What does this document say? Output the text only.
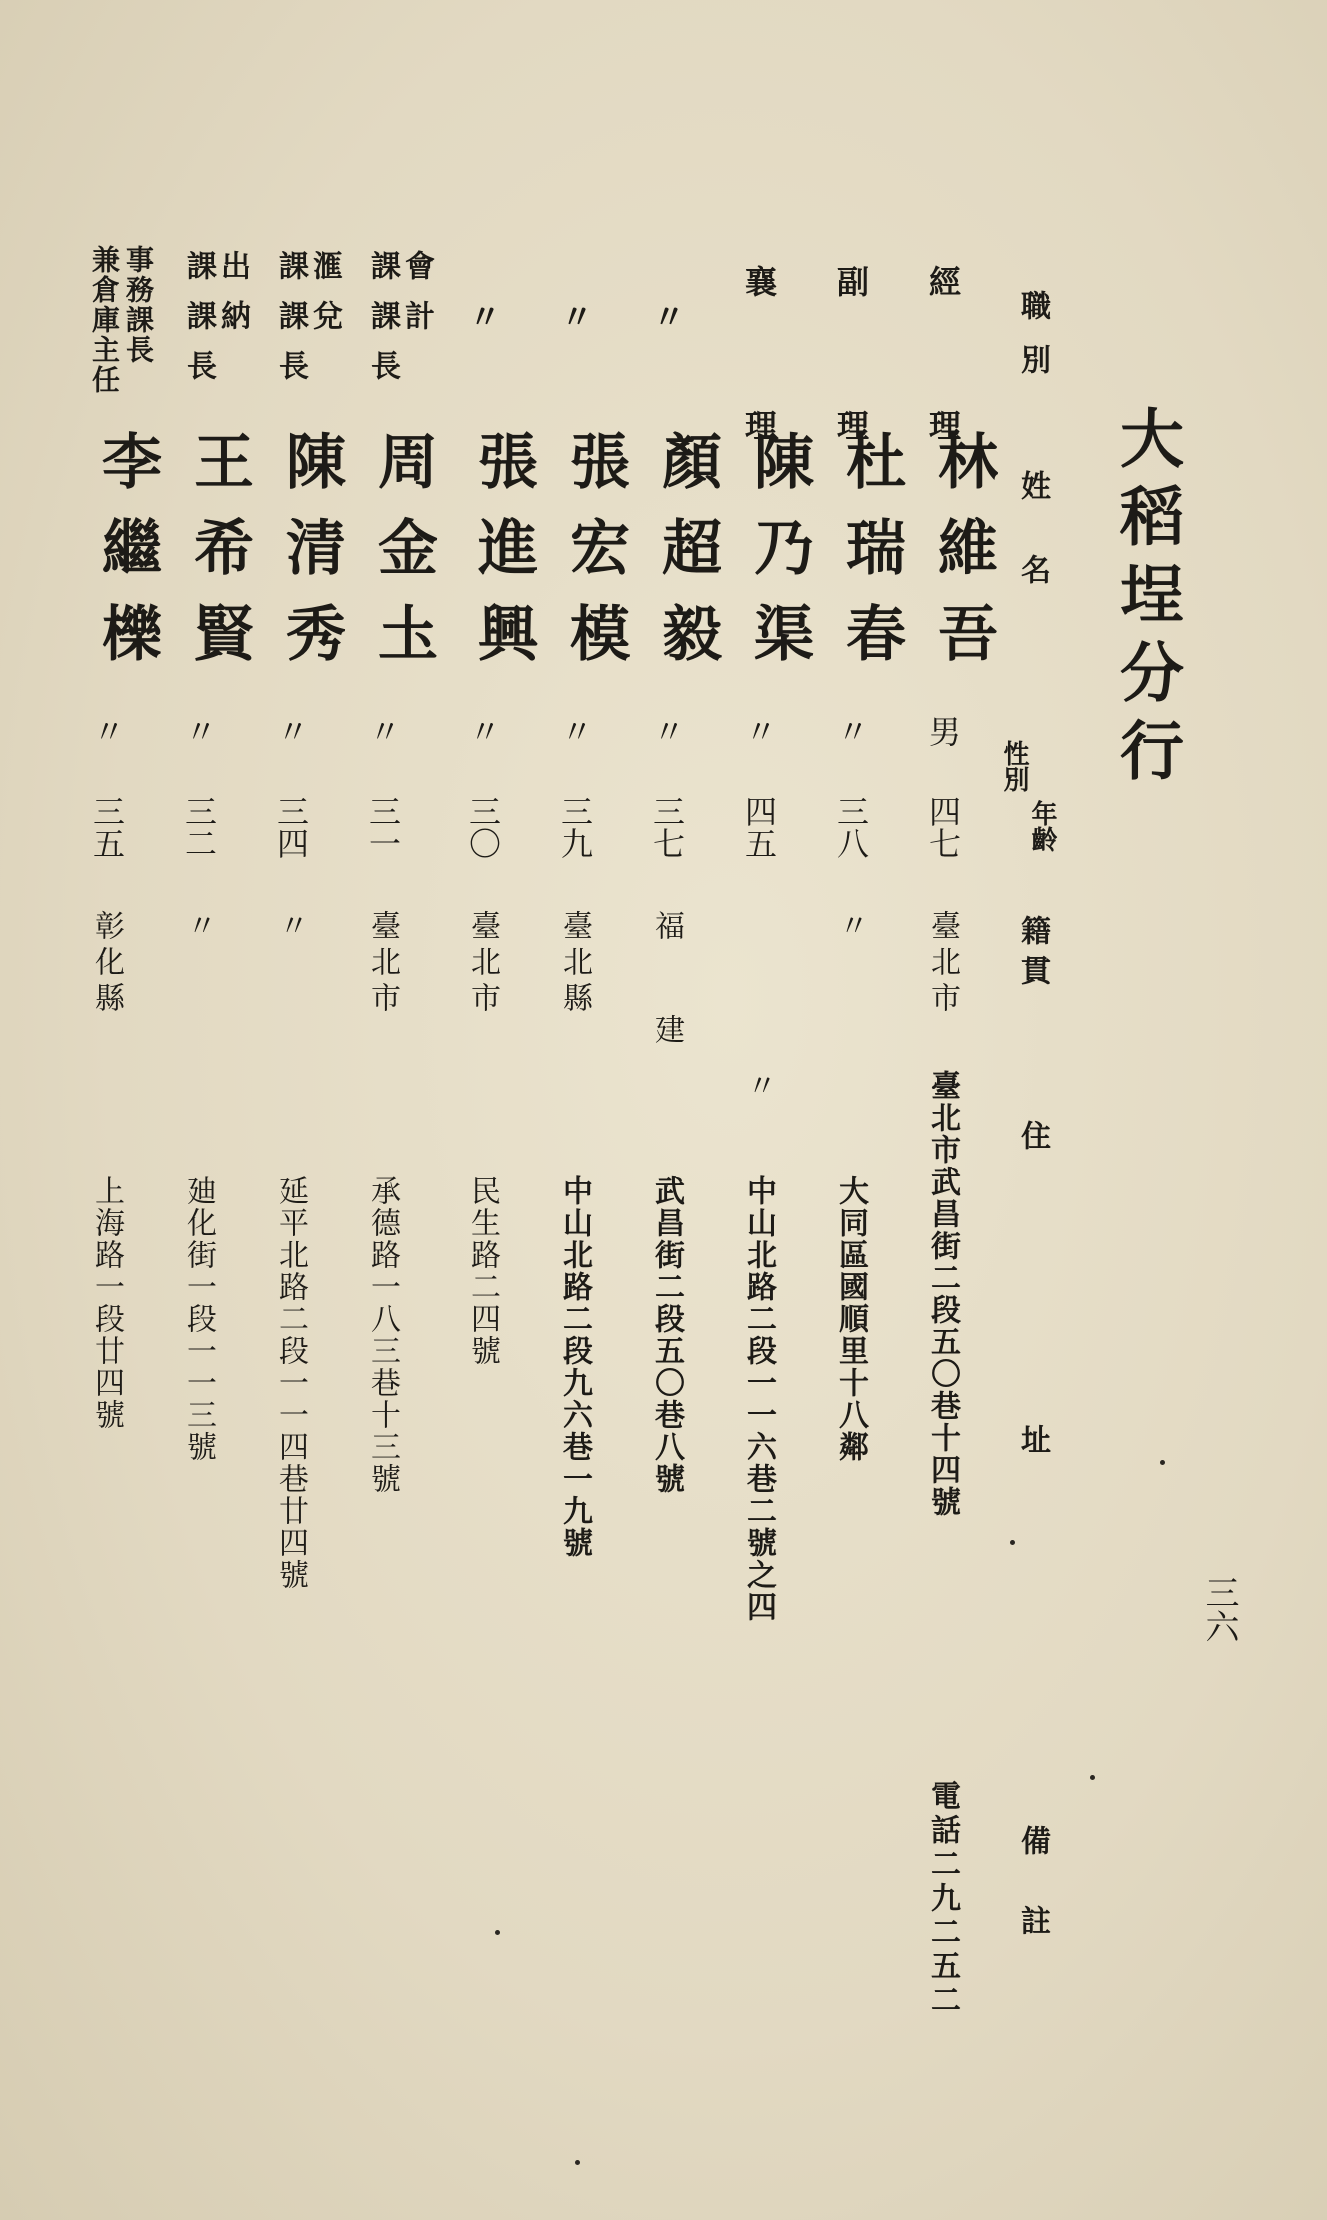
大稻埕分行
三六
職別
姓　名
性別
年齡
籍貫
住　　　址
備註
經　理
林維吾
男
四七
臺北市
臺北市武昌街二段五〇巷十四號
電話二九二五二
副　理
杜瑞春
〃
三八
〃
大同區國順里十八鄰
襄　理
陳乃渠
〃
四五
〃
中山北路二段一一六巷二號之四
〃
顏超毅
〃
三七
福　建
武昌街二段五〇巷八號
〃
張宏模
〃
三九
臺北縣
中山北路二段九六巷一九號
〃
張進興
〃
三〇
臺北市
民生路二四號
會計
課課長
周金圡
〃
三一
臺北市
承德路一八三巷十三號
滙兌
課課長
陳清秀
〃
三四
〃
延平北路二段一一四巷廿四號
出納
課課長
王希賢
〃
三二
〃
廸化街一段一一三號
事務課長
兼倉庫主任
李繼櫟
〃
三五
彰化縣
上海路一段廿四號
